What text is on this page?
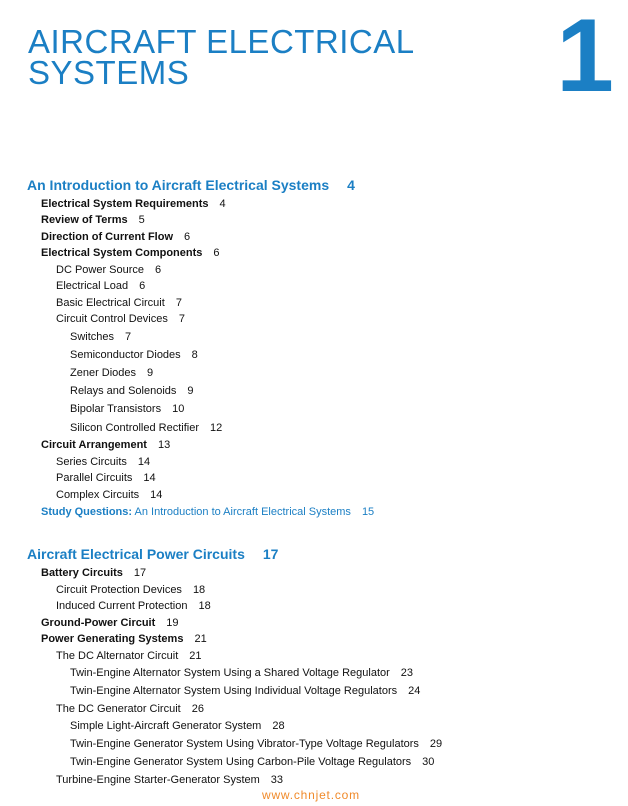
AIRCRAFT ELECTRICAL
SYSTEMS	1
An Introduction to Aircraft Electrical Systems 4
Electrical System Requirements 4
Review of Terms 5
Direction of Current Flow 6
Electrical System Components 6
DC Power Source 6
Electrical Load 6
Basic Electrical Circuit 7
Circuit Control Devices 7
Switches 7
Semiconductor Diodes 8
Zener Diodes 9
Relays and Solenoids 9
Bipolar Transistors 10
Silicon Controlled Rectifier 12
Circuit Arrangement 13
Series Circuits 14
Parallel Circuits 14
Complex Circuits 14
Study Questions: An Introduction to Aircraft Electrical Systems 15
Aircraft Electrical Power Circuits 17
Battery Circuits 17
Circuit Protection Devices 18
Induced Current Protection 18
Ground-Power Circuit 19
Power Generating Systems 21
The DC Alternator Circuit 21
Twin-Engine Alternator System Using a Shared Voltage Regulator 23
Twin-Engine Alternator System Using Individual Voltage Regulators 24
The DC Generator Circuit 26
Simple Light-Aircraft Generator System 28
Twin-Engine Generator System Using Vibrator-Type Voltage Regulators 29
Twin-Engine Generator System Using Carbon-Pile Voltage Regulators 30
Turbine-Engine Starter-Generator System 33
www.chnjet.com
